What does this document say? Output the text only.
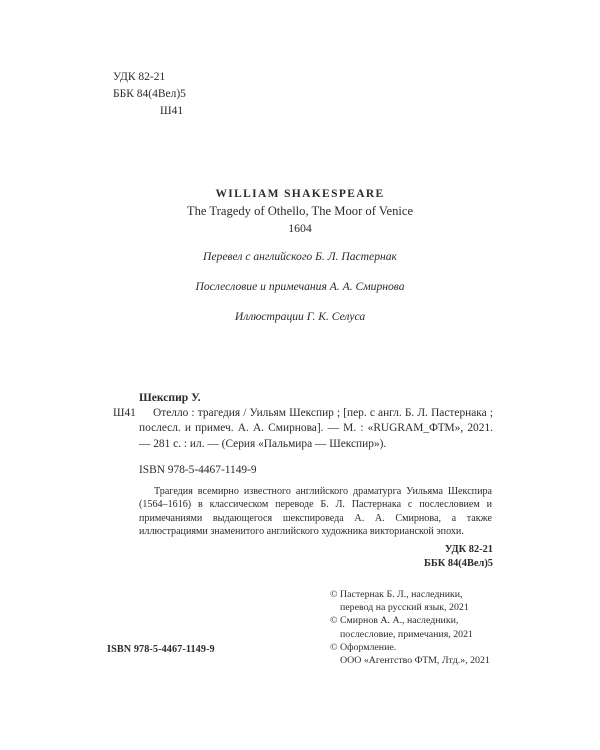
УДК 82-21
ББК 84(4Вел)5
Ш41
WILLIAM SHAKESPEARE
The Tragedy of Othello, The Moor of Venice
1604
Перевел с английского Б. Л. Пастернак
Послесловие и примечания А. А. Смирнова
Иллюстрации Г. К. Селуса
Шекспир У.
Ш41 Отелло : трагедия / Уильям Шекспир ; [пер. с англ. Б. Л. Пастернака ; послесл. и примеч. А. А. Смирнова]. — М. : «RUGRAM_ФТМ», 2021. — 281 с. : ил. — (Серия «Пальмира — Шекспир»).
ISBN 978-5-4467-1149-9
Трагедия всемирно известного английского драматурга Уильяма Шекспира (1564–1616) в классическом переводе Б. Л. Пастернака с послесловием и примечаниями выдающегося шекспироведа А. А. Смирнова, а также иллюстрациями знаменитого английского художника викторианской эпохи.
УДК 82-21
ББК 84(4Вел)5
© Пастернак Б. Л., наследники,
перевод на русский язык, 2021
© Смирнов А. А., наследники,
послесловие, примечания, 2021
© Оформление.
ООО «Агентство ФТМ, Лтд.», 2021
ISBN 978-5-4467-1149-9
